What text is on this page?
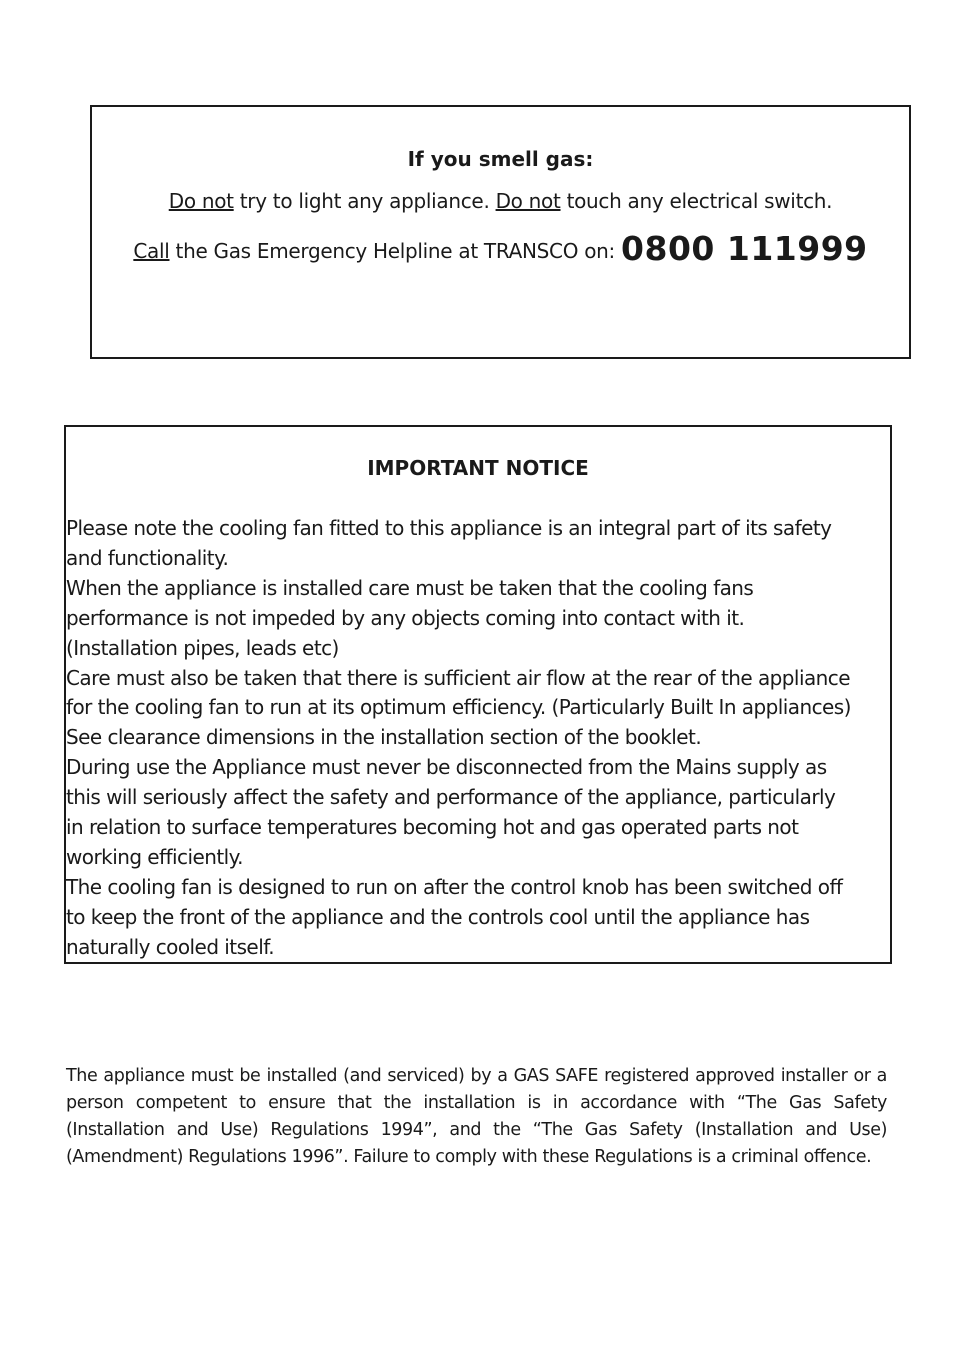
If you smell gas:
Do not try to light any appliance. Do not touch any electrical switch.
Call the Gas Emergency Helpline at TRANSCO on: 0800 111999
IMPORTANT NOTICE
Please note the cooling fan fitted to this appliance is an integral part of its safety
and functionality.
When the appliance is installed care must be taken that the cooling fans
performance is not impeded by any objects coming into contact with it.
(Installation pipes, leads etc)
Care must also be taken that there is sufficient air flow at the rear of the appliance
for the cooling fan to run at its optimum efficiency. (Particularly Built In appliances)
See clearance dimensions in the installation section of the booklet.
During use the Appliance must never be disconnected from the Mains supply as
this will seriously affect the safety and performance of the appliance, particularly
in relation to surface temperatures becoming hot and gas operated parts not
working efficiently.
The cooling fan is designed to run on after the control knob has been switched off
to keep the front of the appliance and the controls cool until the appliance has
naturally cooled itself.
The appliance must be installed (and serviced) by a GAS SAFE registered approved installer or a person competent to ensure that the installation is in accordance with “The Gas Safety (Installation and Use) Regulations 1994”, and the “The Gas Safety (Installation and Use) (Amendment) Regulations 1996”. Failure to comply with these Regulations is a criminal offence.
